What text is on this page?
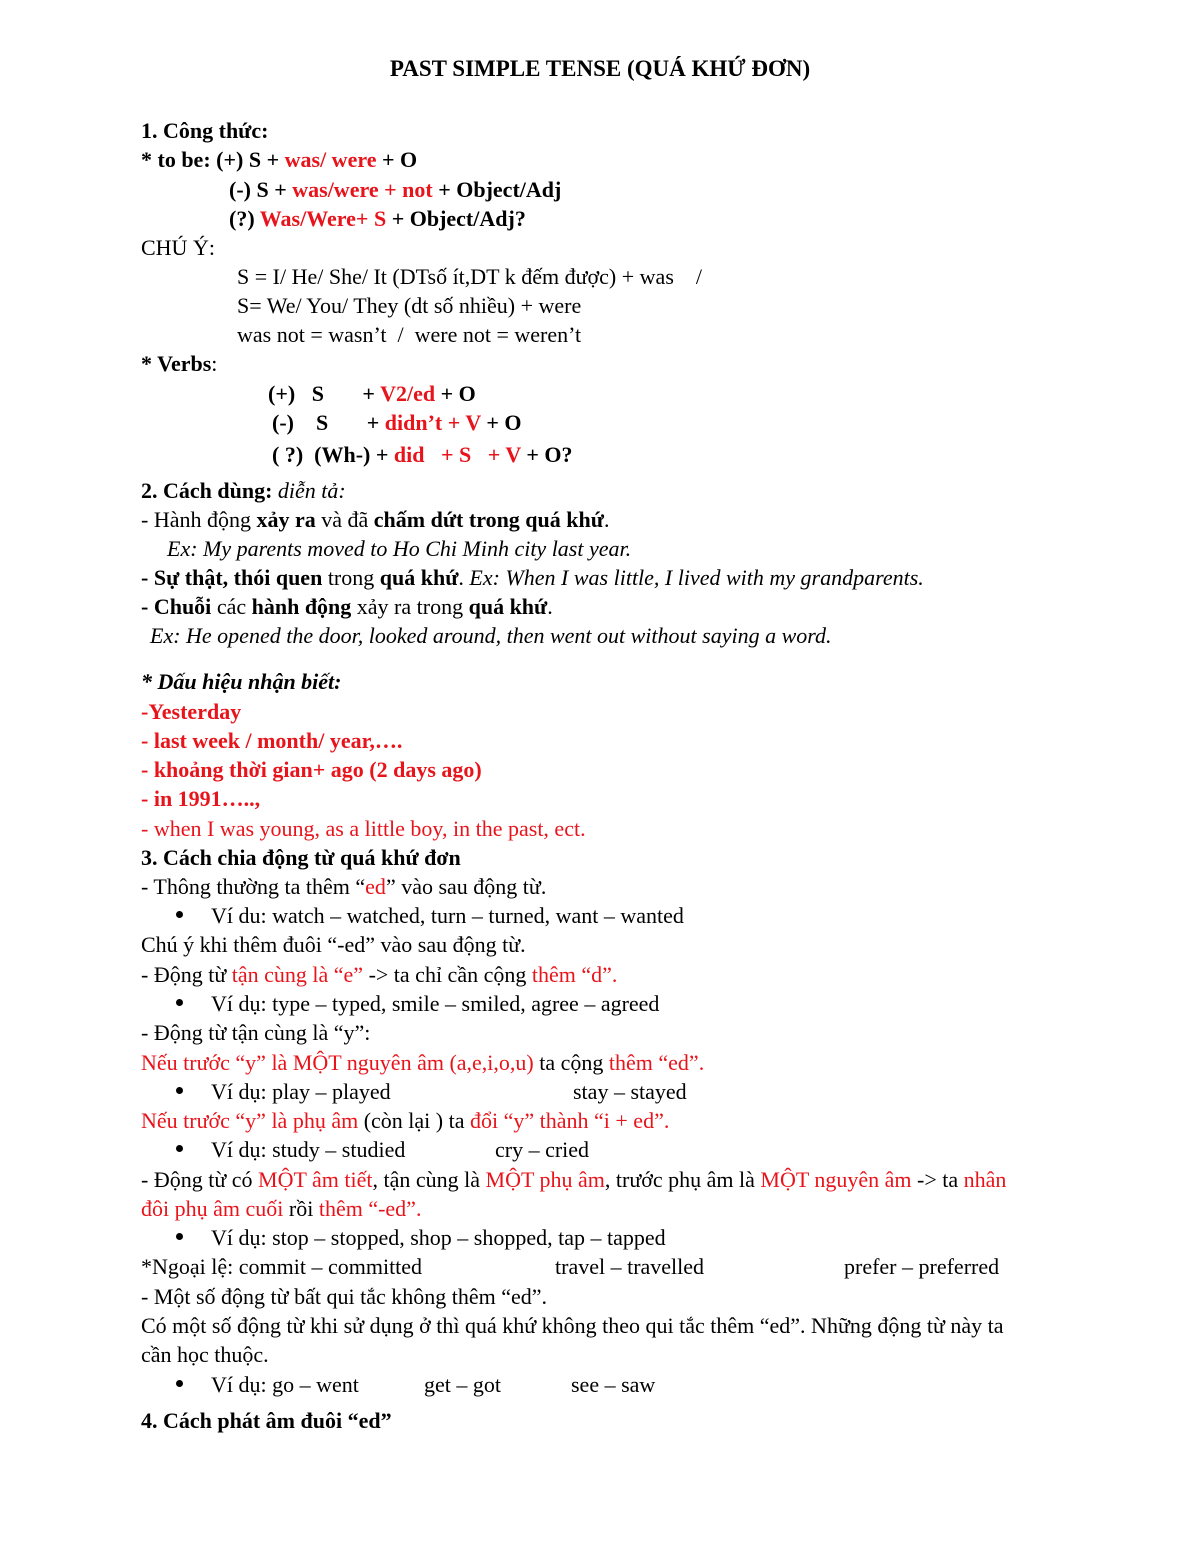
PAST SIMPLE TENSE (QUÁ KHỨ ĐƠN)
1. Công thức:
* to be: (+) S + was/ were + O
(-) S + was/were + not + Object/Adj
(?) Was/Were+ S + Object/Adj?
CHÚ Ý:
S = I/ He/ She/ It (DTsố ít,DT k đếm được) + was    /
S= We/ You/ They (dt số nhiều) + were
was not = wasn’t  /  were not = weren’t
* Verbs:
(+)   S       + V2/ed + O
(-)    S       + didn’t + V + O
( ?)  (Wh-) + did   + S   + V + O?
2. Cách dùng: diễn tả:
- Hành động xảy ra và đã chấm dứt trong quá khứ.
Ex: My parents moved to Ho Chi Minh city last year.
- Sự thật, thói quen trong quá khứ. Ex: When I was little, I lived with my grandparents.
- Chuỗi các hành động xảy ra trong quá khứ.
Ex: He opened the door, looked around, then went out without saying a word.
* Dấu hiệu nhận biết:
-Yesterday
- last week / month/ year,….
- khoảng thời gian+ ago (2 days ago)
- in 1991…..,
- when I was young, as a little boy, in the past, ect.
3. Cách chia động từ quá khứ đơn
- Thông thường ta thêm “ed” vào sau động từ.
Ví du: watch – watched, turn – turned, want – wanted
Chú ý khi thêm đuôi “-ed” vào sau động từ.
- Động từ tận cùng là “e” -> ta chỉ cần cộng thêm “d”.
Ví dụ: type – typed, smile – smiled, agree – agreed
- Động từ tận cùng là “y”:
Nếu trước “y” là MỘT nguyên âm (a,e,i,o,u) ta cộng thêm “ed”.
Ví dụ: play – played	stay – stayed
Nếu trước “y” là phụ âm (còn lại ) ta đổi “y” thành “i + ed”.
Ví dụ: study – studied	cry – cried
- Động từ có MỘT âm tiết, tận cùng là MỘT phụ âm, trước phụ âm là MỘT nguyên âm -> ta nhân
đôi phụ âm cuối rồi thêm “-ed”.
Ví dụ: stop – stopped, shop – shopped, tap – tapped
*Ngoại lệ: commit – committed	travel – travelled	prefer – preferred
- Một số động từ bất qui tắc không thêm “ed”.
Có một số động từ khi sử dụng ở thì quá khứ không theo qui tắc thêm “ed”. Những động từ này ta
cần học thuộc.
Ví dụ: go – went	get – got	see – saw
4. Cách phát âm đuôi “ed”
